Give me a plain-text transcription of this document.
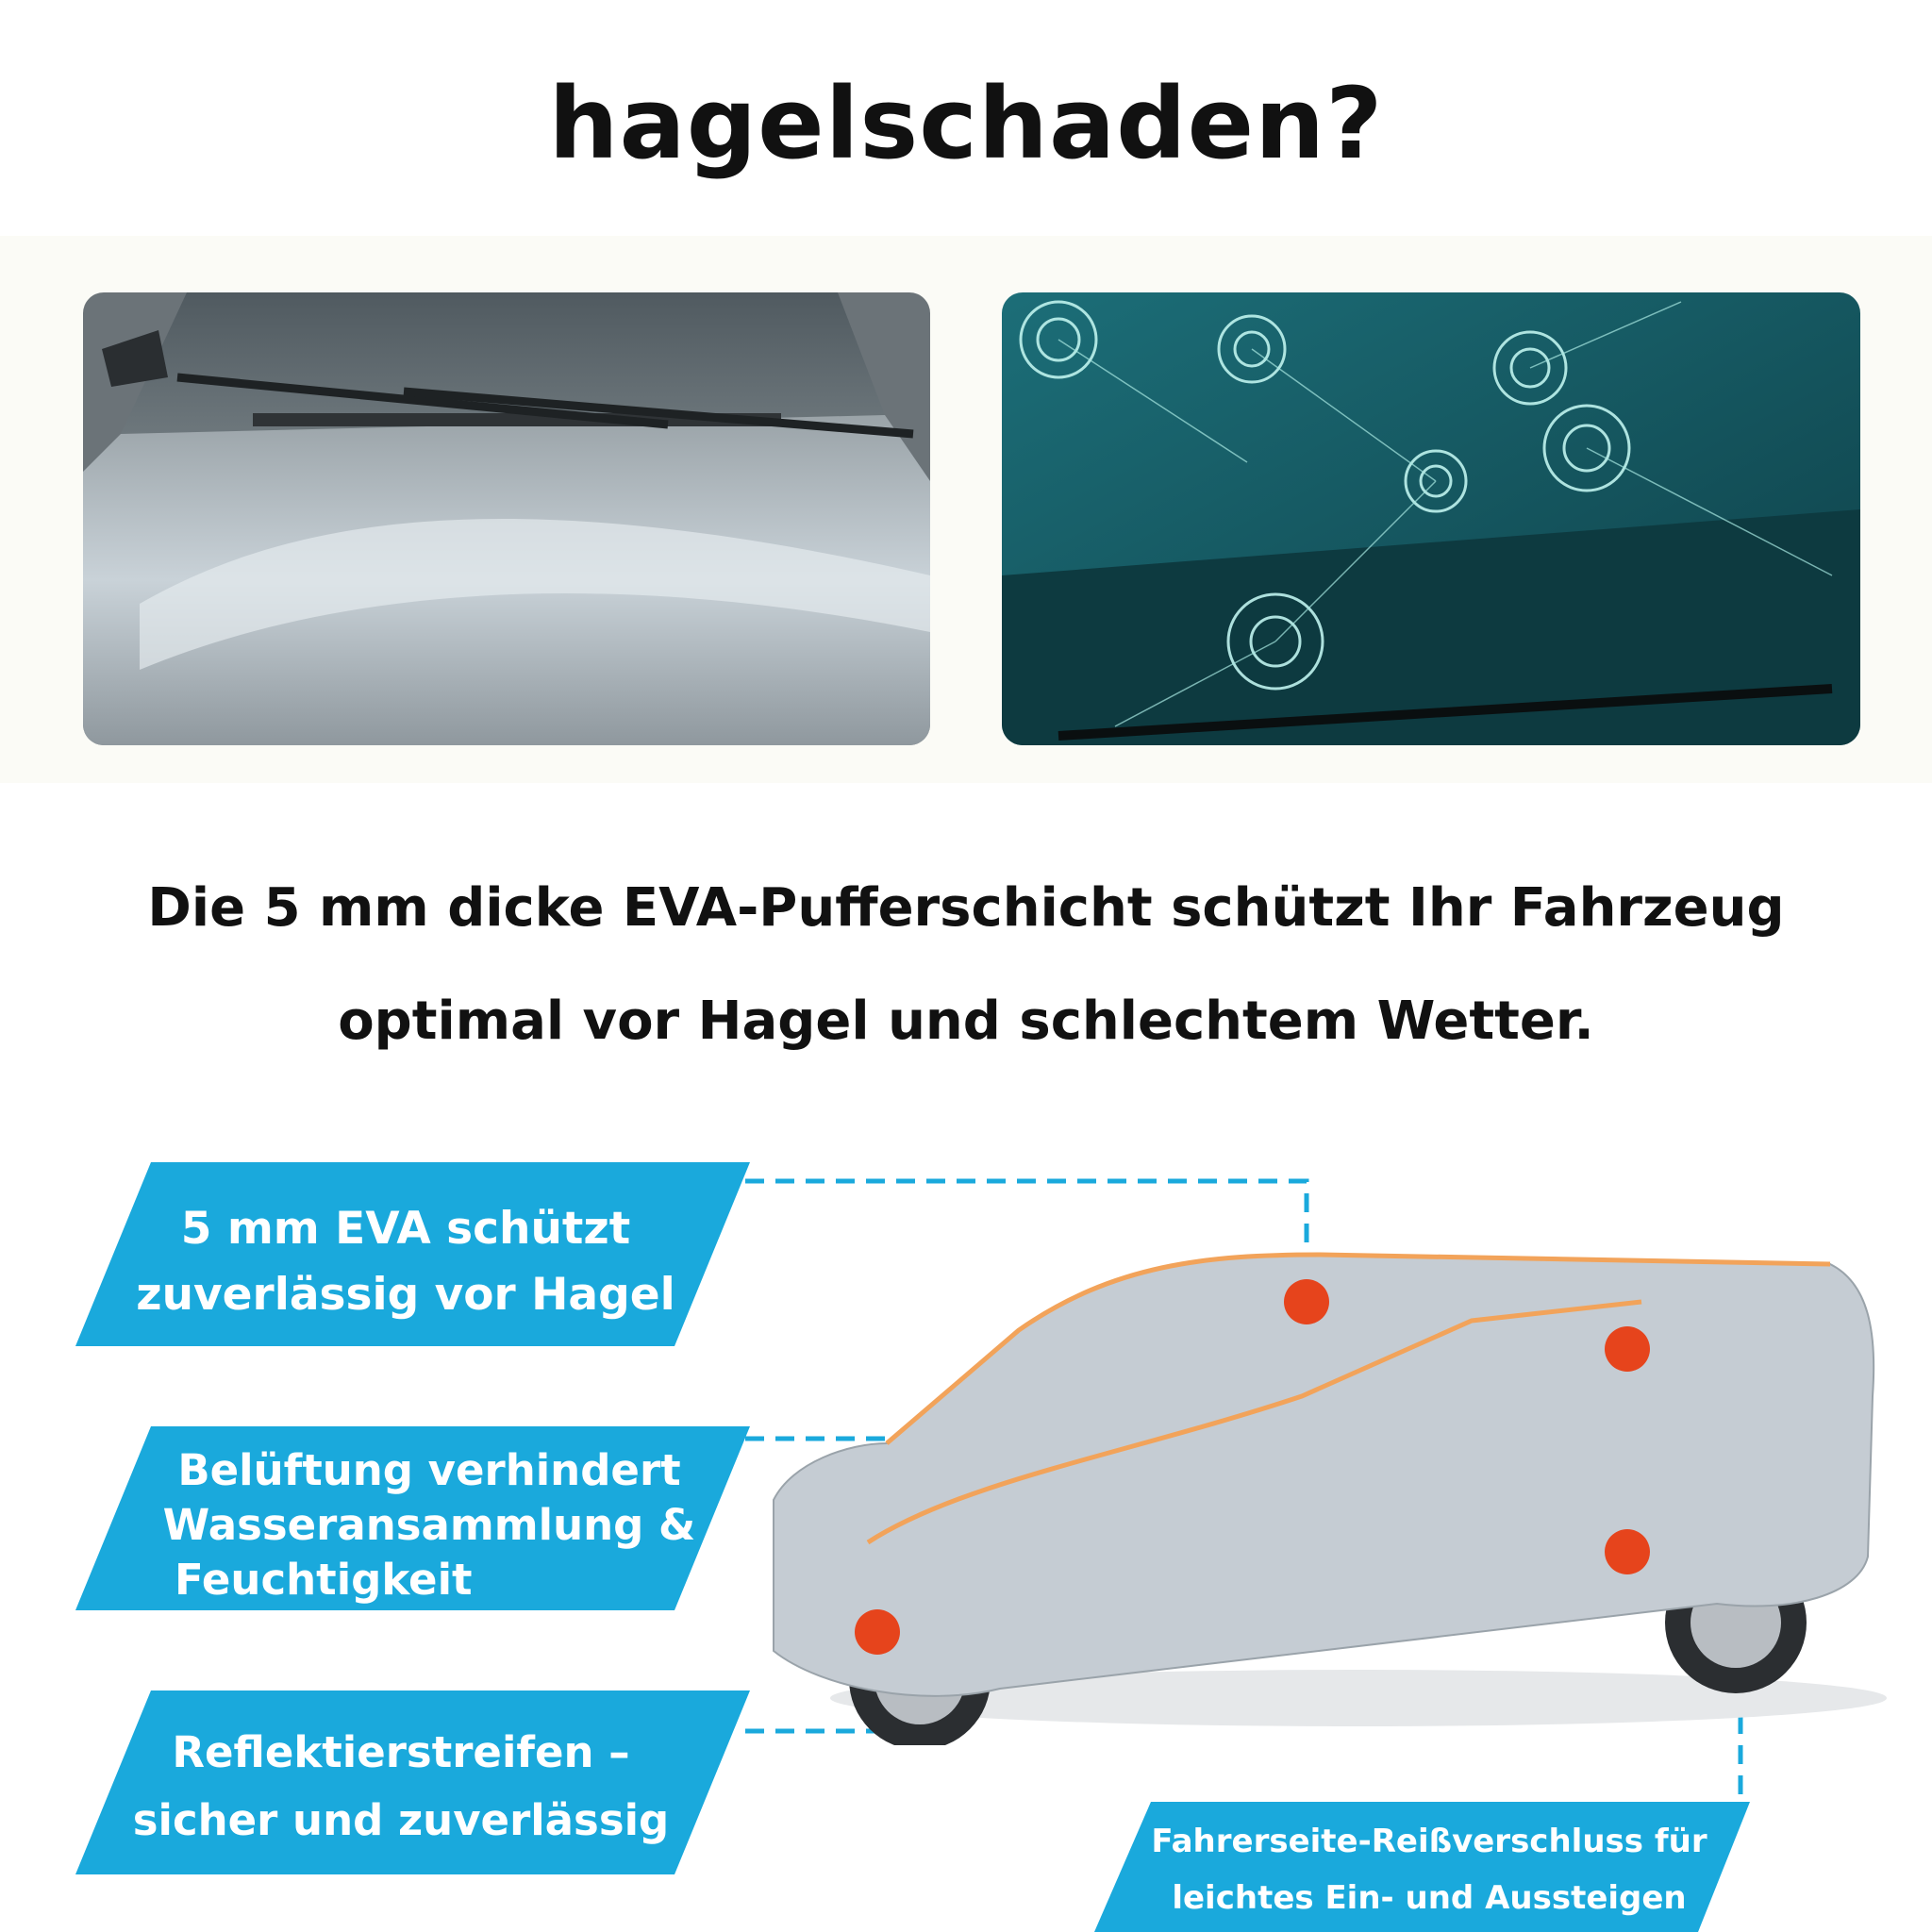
hagelschaden?
Die 5 mm dicke EVA-Pufferschicht schützt Ihr Fahrzeug
optimal vor Hagel und schlechtem Wetter.
5 mm EVA schützt
zuverlässig vor Hagel
Belüftung verhindert
Wasseransammlung &
Feuchtigkeit
Reflektierstreifen –
sicher und zuverlässig	Fahrerseite-Reißverschluss für
leichtes Ein- und Aussteigen
